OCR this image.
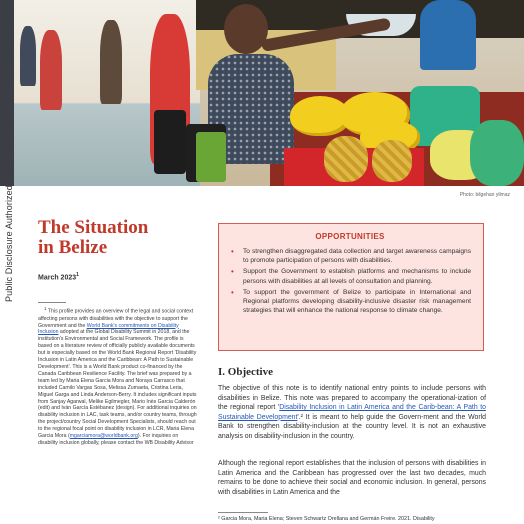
Photo: bilgehan yilmaz
Public Disclosure Authorized The Situation
in Belize
March 2023$^1$
$^1$ This profile provides an overview of the legal and social context affecting persons with disabilities with the objective to support the Government and the World Bank's commitments on Disability Inclusion adopted at the Global Disability Summit in 2018, and the institution's Environmental and Social Framework. The profile is based on a literature review of officially publicly available documents but is especially based on the World Bank Regional Report 'Disability Inclusion in Latin America and the Caribbean: A Path to Sustainable Development'. This is a World Bank product co-financed by the Canada Caribbean Resilience Facility. The brief was prepared by a team led by Maria Elena Garcia Mora and Noraya Carrasco that included Camilo Vargas Sosa, Melissa Zumaeta, Cristina Leria, Miguel Garga and Linda Anderson-Berry. It includes significant inputs from Sanjay Agarwal, Melike Egilmegler, Mario Inès Garcia Calderón (edit) and Iván García Estébanez (design). For additional inquiries on disability inclusion in LAC, task teams, and/or country teams, through the project/country Social Development Specialists, should reach out to the regional focal point on disability inclusion in LCR, Maria Elena Garcia Mora (mgarciamora@worldbank.org). For inquiries on disability inclusion globally, please contact the WB Disability Advisor
OPPORTUNITIES
• To strengthen disaggregated data collection and target awareness campaigns to promote participation of persons with disabilities.
• Support the Government to establish platforms and mechanisms to include persons with disabilities at all levels of consultation and planning.
• To support the government of Belize to participate in International and Regional platforms developing disability-inclusive disaster risk management strategies that will enhance the national response to climate change.
I. Objective

The objective of this note is to identify national entry points to include persons with disabilities in Belize. This note was prepared to accompany the operational-ization of the regional report 'Disability Inclusion in Latin America and the Carib-bean: A Path to Sustainable Development'.² It is meant to help guide the Govern-ment and the World Bank to strengthen disability-inclusion at the country level. It is not an exhaustive analysis on disability-inclusion in the country.

Although the regional report establishes that the inclusion of persons with disabilities in Latin America and the Caribbean has progressed over the last two decades, much remains to be done to achieve their social and economic inclusion. In general, persons with disabilities in Latin America and the

² Garcia Mora, Maria Elena; Steven Schwartz Orellana and Germán Freire. 2021. Disability
